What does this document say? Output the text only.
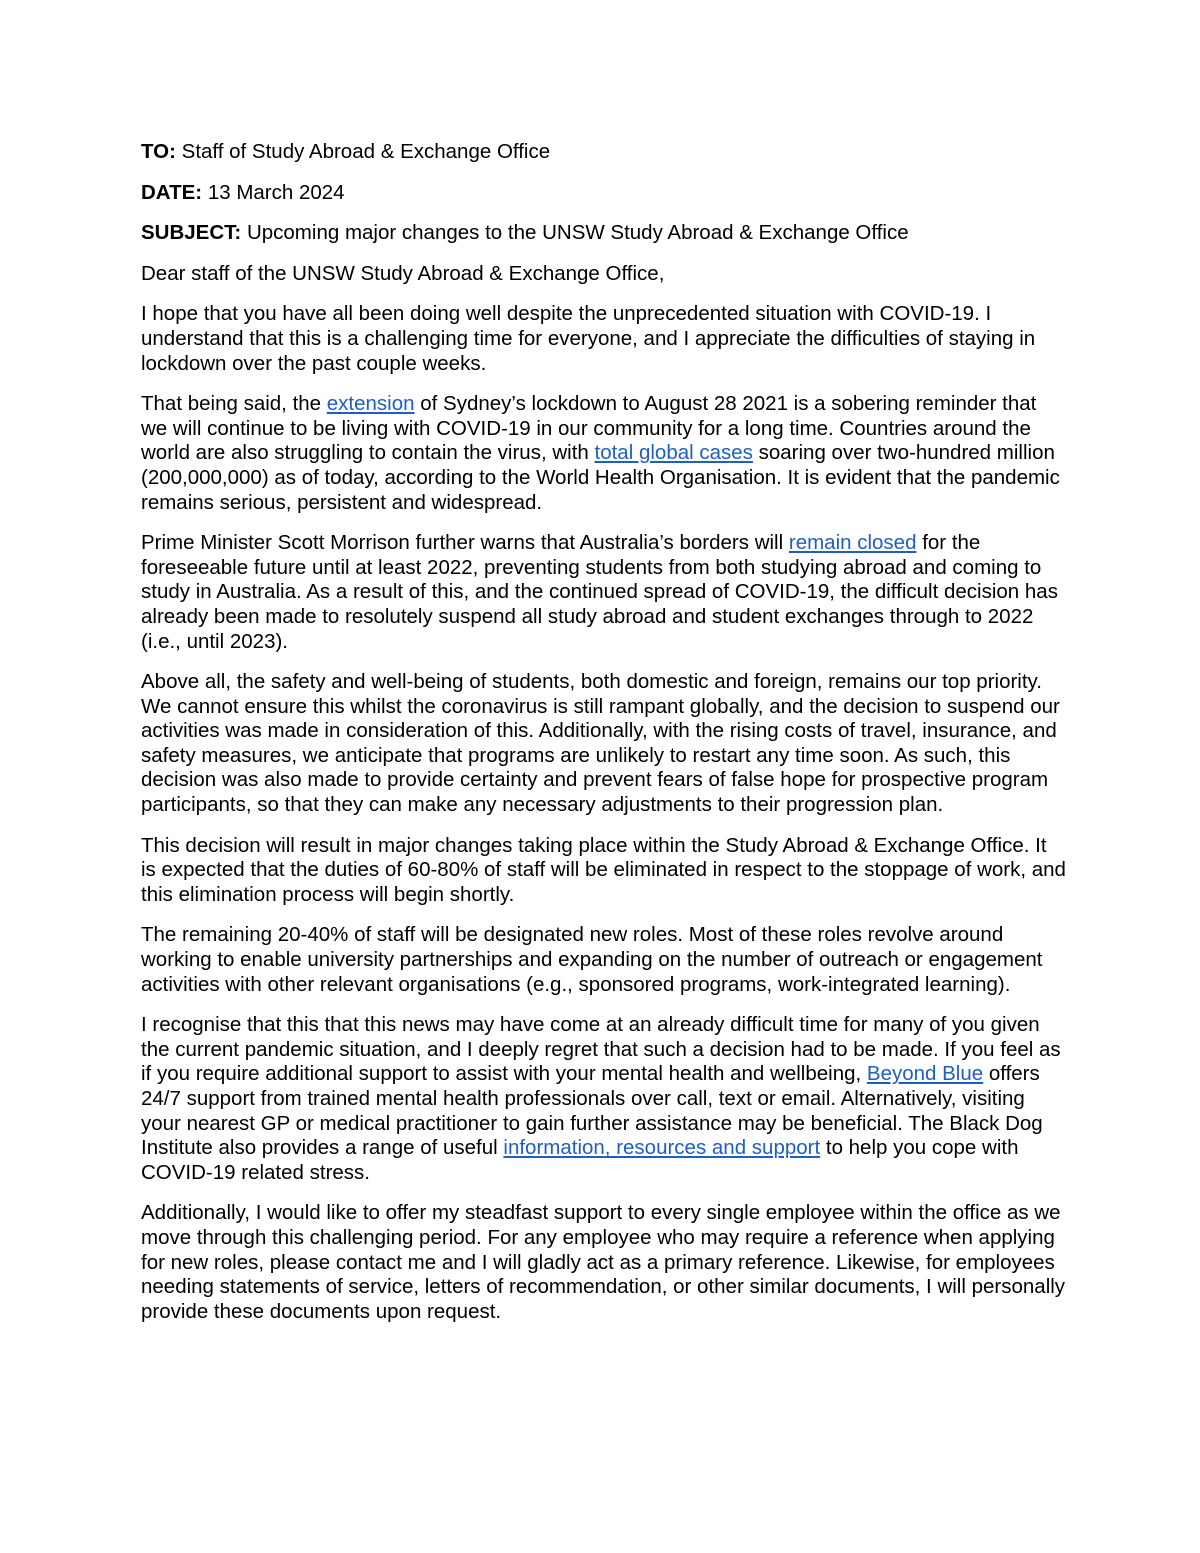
TO: Staff of Study Abroad & Exchange Office
DATE: 13 March 2024
SUBJECT: Upcoming major changes to the UNSW Study Abroad & Exchange Office

Dear staff of the UNSW Study Abroad & Exchange Office,

I hope that you have all been doing well despite the unprecedented situation with COVID-19. I understand that this is a challenging time for everyone, and I appreciate the difficulties of staying in lockdown over the past couple weeks.

That being said, the extension of Sydney’s lockdown to August 28 2021 is a sobering reminder that we will continue to be living with COVID-19 in our community for a long time. Countries around the world are also struggling to contain the virus, with total global cases soaring over two-hundred million (200,000,000) as of today, according to the World Health Organisation. It is evident that the pandemic remains serious, persistent and widespread.

Prime Minister Scott Morrison further warns that Australia’s borders will remain closed for the foreseeable future until at least 2022, preventing students from both studying abroad and coming to study in Australia. As a result of this, and the continued spread of COVID-19, the difficult decision has already been made to resolutely suspend all study abroad and student exchanges through to 2022 (i.e., until 2023).

Above all, the safety and well-being of students, both domestic and foreign, remains our top priority. We cannot ensure this whilst the coronavirus is still rampant globally, and the decision to suspend our activities was made in consideration of this. Additionally, with the rising costs of travel, insurance, and safety measures, we anticipate that programs are unlikely to restart any time soon. As such, this decision was also made to provide certainty and prevent fears of false hope for prospective program participants, so that they can make any necessary adjustments to their progression plan.

This decision will result in major changes taking place within the Study Abroad & Exchange Office. It is expected that the duties of 60-80% of staff will be eliminated in respect to the stoppage of work, and this elimination process will begin shortly.

The remaining 20-40% of staff will be designated new roles. Most of these roles revolve around working to enable university partnerships and expanding on the number of outreach or engagement activities with other relevant organisations (e.g., sponsored programs, work-integrated learning).

I recognise that this that this news may have come at an already difficult time for many of you given the current pandemic situation, and I deeply regret that such a decision had to be made. If you feel as if you require additional support to assist with your mental health and wellbeing, Beyond Blue offers 24/7 support from trained mental health professionals over call, text or email. Alternatively, visiting your nearest GP or medical practitioner to gain further assistance may be beneficial. The Black Dog Institute also provides a range of useful information, resources and support to help you cope with COVID-19 related stress.

Additionally, I would like to offer my steadfast support to every single employee within the office as we move through this challenging period. For any employee who may require a reference when applying for new roles, please contact me and I will gladly act as a primary reference. Likewise, for employees needing statements of service, letters of recommendation, or other similar documents, I will personally provide these documents upon request.
